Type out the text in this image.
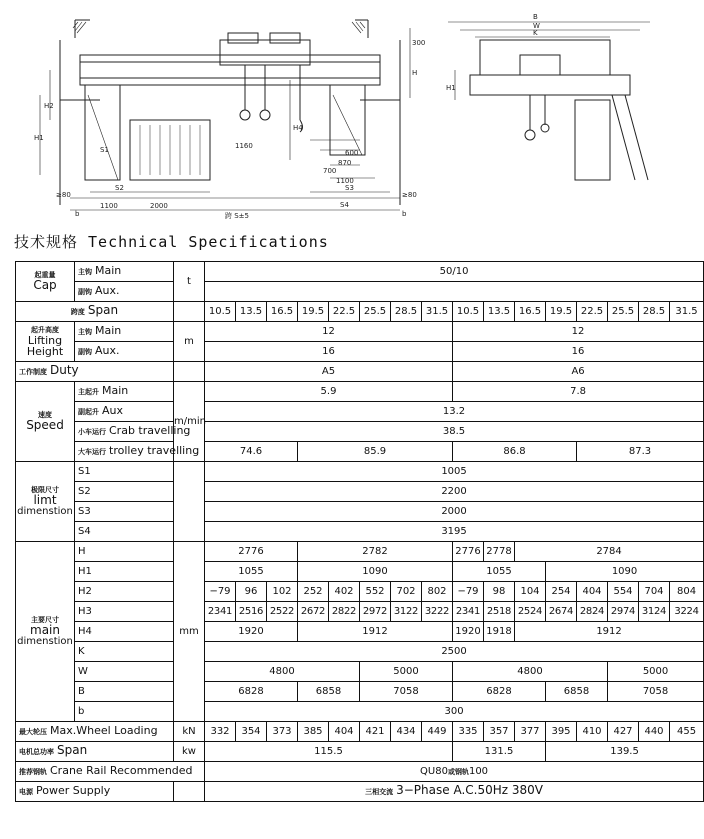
S1
S2	S3
S4
H
H1
H2
H4
300
1100	2000
1160
1100
700
870
600
≥80	≥80
b	b
跨 S±5
B
W
K
H1
技术规格 Technical Specifications
起重量
Cap	主钩 Main	t	50/10															
	副钩 Aux.																	
跨度 Span			10.5	13.5	16.5	19.5	22.5	25.5	28.5	31.5	10.5	13.5	16.5	19.5	22.5	25.5	28.5	31.5

起升高度
Lifting
Height	主钩 Main	m	12								12							
	副钩 Aux.		16								16							
工作制度 Duty			A5								A6							

速度
Speed	主起升 Main	m/min	5.9								7.8							
	副起升 Aux		13.2															
	小车运行 Crab travelling		38.5															
	大车运行 trolley travelling		74.6			85.9					86.8				87.3			

极限尺寸
limt
dimenstion	S1		1005															
	S2		2200															
	S3		2000															
	S4		3195															

主要尺寸
main
dimenstion	H	mm	2776			2782					2776	2778	2784					
	H1		1055			1090					1055			1090				
	H2		−79	96	102	252	402	552	702	802	−79	98	104	254	404	554	704	804
	H3		2341	2516	2522	2672	2822	2972	3122	3222	2341	2518	2524	2674	2824	2974	3124	3224
	H4		1920			1912					1920	1918	1912					
	K		2500															
	W		4800					5000			4800					5000		
	B		6828			6858		7058			6828			6858		7058		
	b		300															
最大轮压 Max.Wheel Loading		kN	332	354	373	385	404	421	434	449	335	357	377	395	410	427	440	455
电机总功率 Span		kw	115.5								131.5			139.5				
推荐钢轨 Crane Rail Recommended			QU80或钢轨100															
电源 Power Supply			三相交流 3−Phase A.C.50Hz 380V															
